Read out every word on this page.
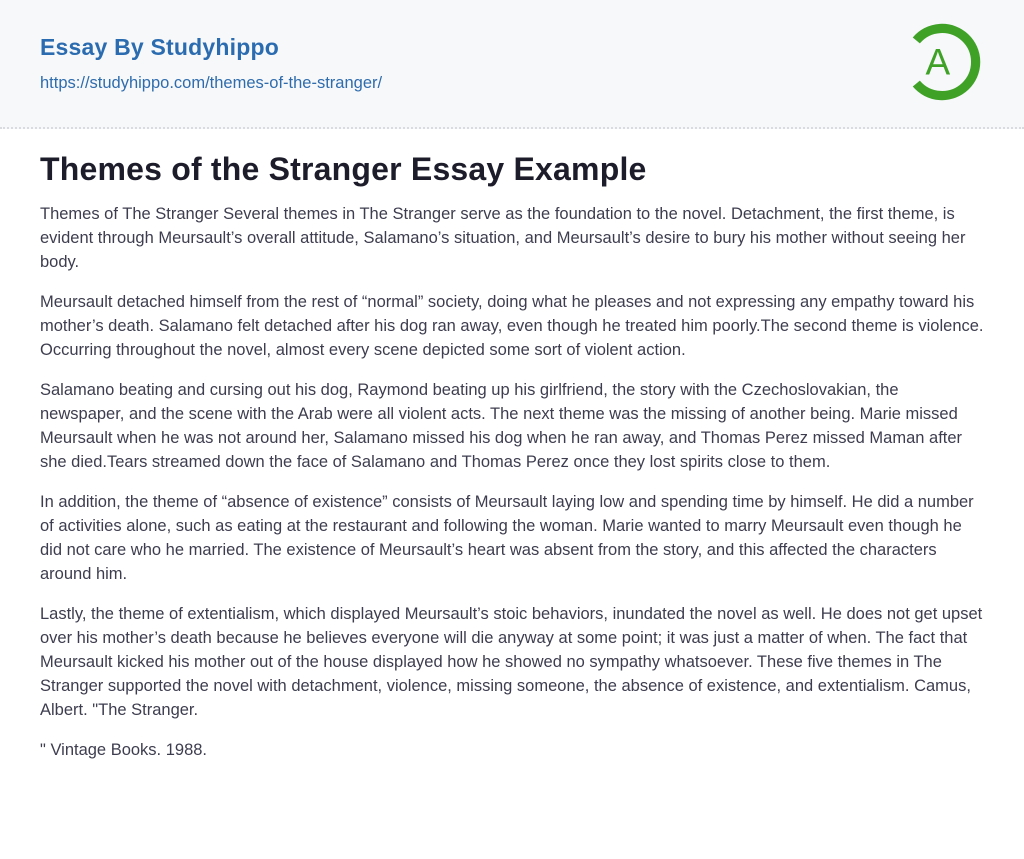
Essay By Studyhippo
https://studyhippo.com/themes-of-the-stranger/
A
Themes of the Stranger Essay Example

Themes of The Stranger Several themes in The Stranger serve as the foundation to the novel. Detachment, the first theme, is evident through Meursault’s overall attitude, Salamano’s situation, and Meursault’s desire to bury his mother without seeing her body.

Meursault detached himself from the rest of “normal” society, doing what he pleases and not expressing any empathy toward his mother’s death. Salamano felt detached after his dog ran away, even though he treated him poorly.The second theme is violence. Occurring throughout the novel, almost every scene depicted some sort of violent action.

Salamano beating and cursing out his dog, Raymond beating up his girlfriend, the story with the Czechoslovakian, the newspaper, and the scene with the Arab were all violent acts. The next theme was the missing of another being. Marie missed Meursault when he was not around her, Salamano missed his dog when he ran away, and Thomas Perez missed Maman after she died.Tears streamed down the face of Salamano and Thomas Perez once they lost spirits close to them.

In addition, the theme of “absence of existence” consists of Meursault laying low and spending time by himself. He did a number of activities alone, such as eating at the restaurant and following the woman. Marie wanted to marry Meursault even though he did not care who he married. The existence of Meursault’s heart was absent from the story, and this affected the characters around him.

Lastly, the theme of extentialism, which displayed Meursault’s stoic behaviors, inundated the novel as well. He does not get upset over his mother’s death because he believes everyone will die anyway at some point; it was just a matter of when. The fact that Meursault kicked his mother out of the house displayed how he showed no sympathy whatsoever. These five themes in The Stranger supported the novel with detachment, violence, missing someone, the absence of existence, and extentialism. Camus, Albert. "The Stranger.

" Vintage Books. 1988.
